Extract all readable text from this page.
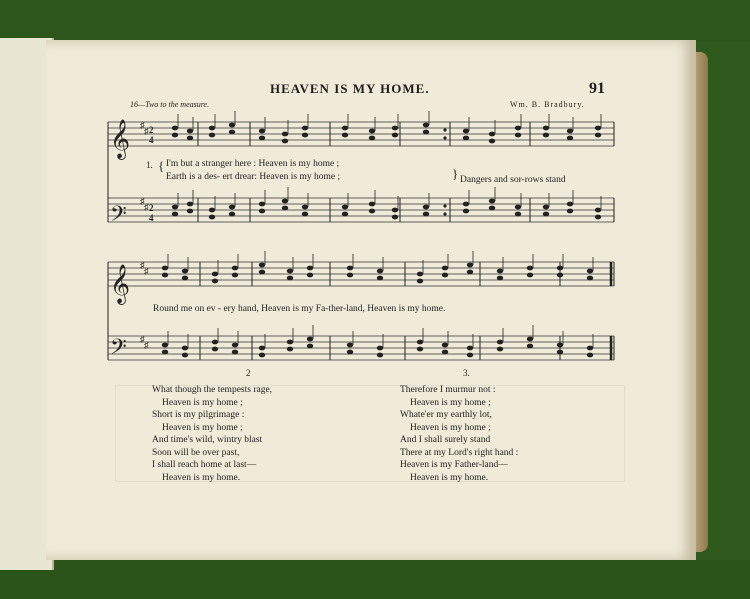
HEAVEN IS MY HOME.	91
16—Two to the measure.	Wm. B. Bradbury.
♯
♯
♯
♯
♯
♯
♯
♯
𝄞
𝄢
𝄞
𝄢
2
4
2
4
1. { I'm but a stranger here : Heaven is my home ;
Earth is a des- ert drear: Heaven is my home ;	} Dangers and sor-rows stand
Round me on ev - ery hand, Heaven is my Fa-ther-land, Heaven is my home.
2
What though the tempests rage,
Heaven is my home ;
Short is my pilgrimage :
Heaven is my home ;
And time's wild, wintry blast
Soon will be over past,
I shall reach home at last—
Heaven is my home.
3.
Therefore I murmur not :
Heaven is my home ;
Whate'er my earthly lot,
Heaven is my home ;
And I shall surely stand
There at my Lord's right hand :
Heaven is my Father-land—
Heaven is my home.
